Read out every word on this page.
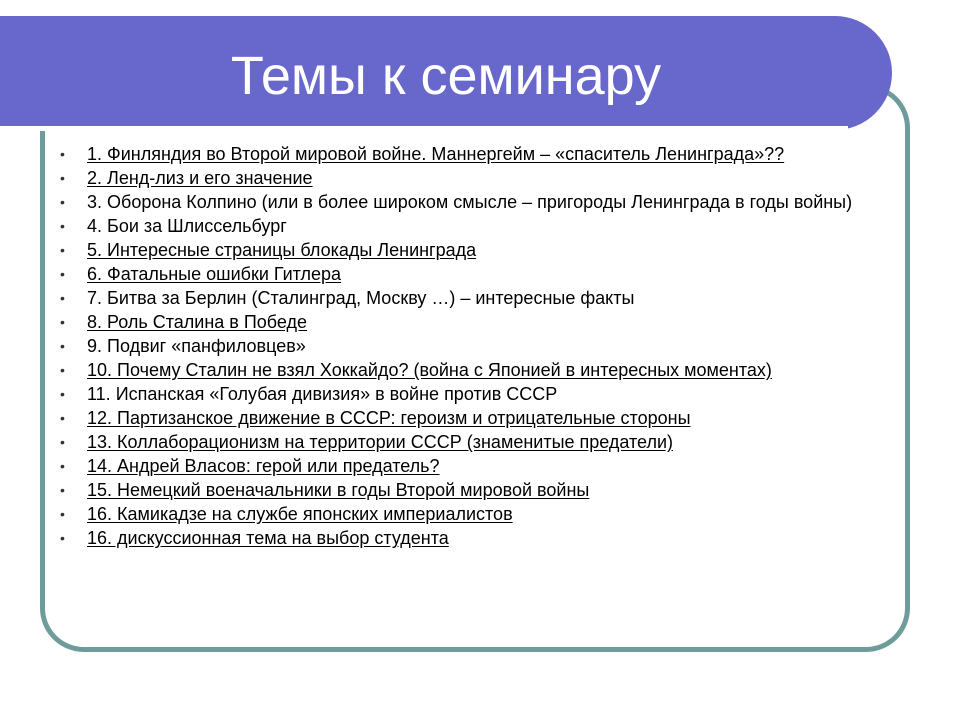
Темы к семинару
• 1. Финляндия во Второй мировой войне. Маннергейм – «спаситель Ленинграда»??
• 2. Ленд-лиз и его значение
• 3. Оборона Колпино (или в более широком смысле – пригороды Ленинграда в годы войны)
• 4. Бои за Шлиссельбург
• 5. Интересные страницы блокады Ленинграда
• 6. Фатальные ошибки Гитлера
• 7. Битва за Берлин (Сталинград, Москву …) – интересные факты
• 8. Роль Сталина в Победе
• 9. Подвиг «панфиловцев»
• 10. Почему Сталин не взял Хоккайдо? (война с Японией в интересных моментах)
• 11. Испанская «Голубая дивизия» в войне против СССР
• 12. Партизанское движение в СССР: героизм и отрицательные стороны
• 13. Коллаборационизм на территории СССР (знаменитые предатели)
• 14. Андрей Власов: герой или предатель?
• 15. Немецкий военачальники в годы Второй мировой войны
• 16. Камикадзе на службе японских империалистов
• 16. дискуссионная тема на выбор студента
